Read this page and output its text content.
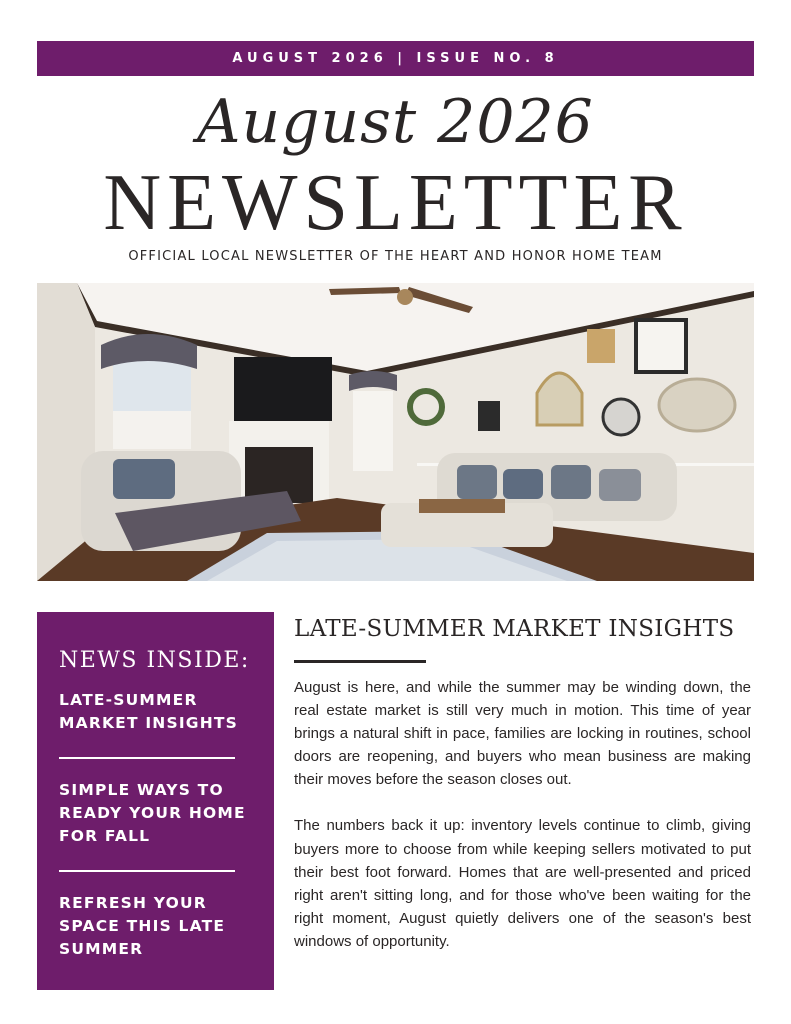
AUGUST 2026 | ISSUE NO. 8
August 2026
NEWSLETTER
OFFICIAL LOCAL NEWSLETTER OF THE HEART AND HONOR HOME TEAM
NEWS INSIDE:

LATE-SUMMER MARKET INSIGHTS

SIMPLE WAYS TO READY YOUR HOME FOR FALL

REFRESH YOUR SPACE THIS LATE SUMMER

LATE-SUMMER MARKET INSIGHTS

August is here, and while the summer may be winding down, the real estate market is still very much in motion. This time of year brings a natural shift in pace, families are locking in routines, school doors are reopening, and buyers who mean business are making their moves before the season closes out.

The numbers back it up: inventory levels continue to climb, giving buyers more to choose from while keeping sellers motivated to put their best foot forward. Homes that are well-presented and priced right aren't sitting long, and for those who've been waiting for the right moment, August quietly delivers one of the season's best windows of opportunity.
